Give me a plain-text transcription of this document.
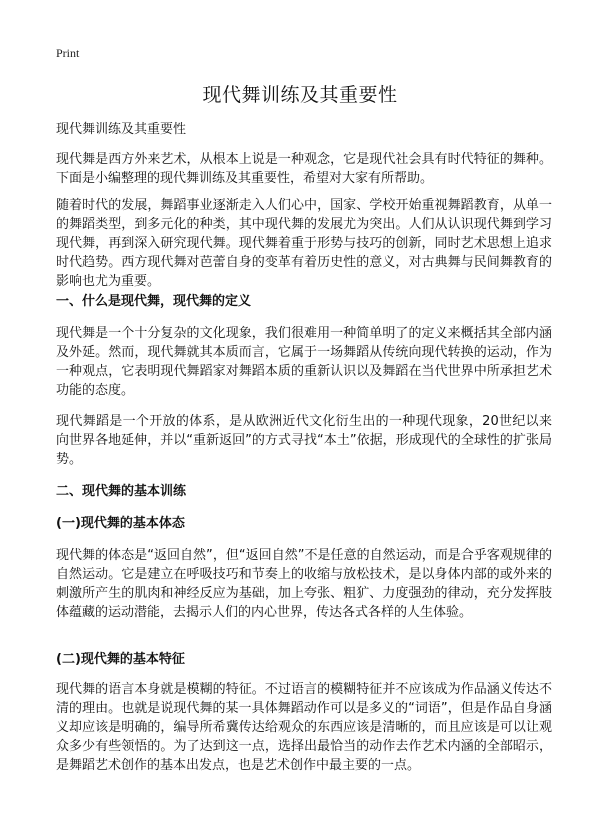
Print
现代舞训练及其重要性

现代舞训练及其重要性

现代舞是西方外来艺术，从根本上说是一种观念，它是现代社会具有时代特征的舞种。下面是小编整理的现代舞训练及其重要性，希望对大家有所帮助。

随着时代的发展，舞蹈事业逐渐走入人们心中，国家、学校开始重视舞蹈教育，从单一的舞蹈类型，到多元化的种类，其中现代舞的发展尤为突出。人们从认识现代舞到学习现代舞，再到深入研究现代舞。现代舞着重于形势与技巧的创新，同时艺术思想上追求时代趋势。西方现代舞对芭蕾自身的变革有着历史性的意义，对古典舞与民间舞教育的影响也尤为重要。

一、什么是现代舞，现代舞的定义

现代舞是一个十分复杂的文化现象，我们很难用一种简单明了的定义来概括其全部内涵及外延。然而，现代舞就其本质而言，它属于一场舞蹈从传统向现代转换的运动，作为一种观点，它表明现代舞蹈家对舞蹈本质的重新认识以及舞蹈在当代世界中所承担艺术功能的态度。

现代舞蹈是一个开放的体系，是从欧洲近代文化衍生出的一种现代现象，20世纪以来向世界各地延伸，并以“重新返回”的方式寻找“本土”依据，形成现代的全球性的扩张局势。

二、现代舞的基本训练

(一)现代舞的基本体态

现代舞的体态是“返回自然”，但“返回自然”不是任意的自然运动，而是合乎客观规律的自然运动。它是建立在呼吸技巧和节奏上的收缩与放松技术，是以身体内部的或外来的刺激所产生的肌肉和神经反应为基础，加上夸张、粗犷、力度强劲的律动，充分发挥肢体蕴藏的运动潜能，去揭示人们的内心世界，传达各式各样的人生体验。

(二)现代舞的基本特征

现代舞的语言本身就是模糊的特征。不过语言的模糊特征并不应该成为作品涵义传达不清的理由。也就是说现代舞的某一具体舞蹈动作可以是多义的“词语”，但是作品自身涵义却应该是明确的，编导所希冀传达给观众的东西应该是清晰的，而且应该是可以让观众多少有些领悟的。为了达到这一点，选择出最恰当的动作去作艺术内涵的全部昭示，是舞蹈艺术创作的基本出发点，也是艺术创作中最主要的一点。
